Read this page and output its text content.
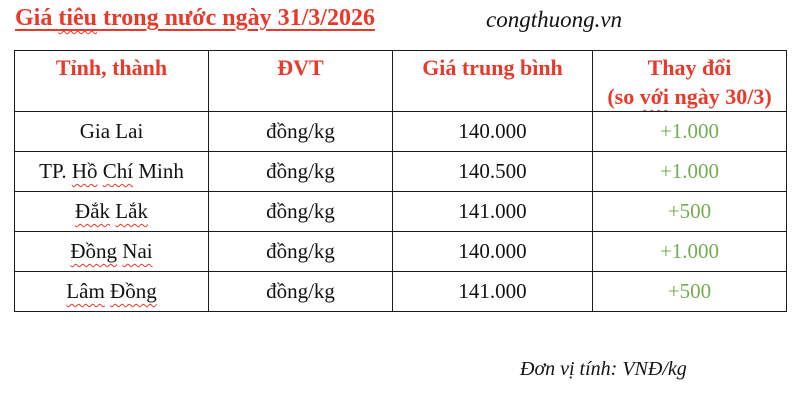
Giá tiêu trong nước ngày 31/3/2026	congthuong.vn
Tỉnh, thành	ĐVT	Giá trung bình	Thay đổi
(so với ngày 30/3)

Gia Lai	đồng/kg	140.000	+1.000
TP. Hồ Chí Minh	đồng/kg	140.500	+1.000
Đắk Lắk	đồng/kg	141.000	+500
Đồng Nai	đồng/kg	140.000	+1.000
Lâm Đồng	đồng/kg	141.000	+500
Đơn vị tính: VNĐ/kg
